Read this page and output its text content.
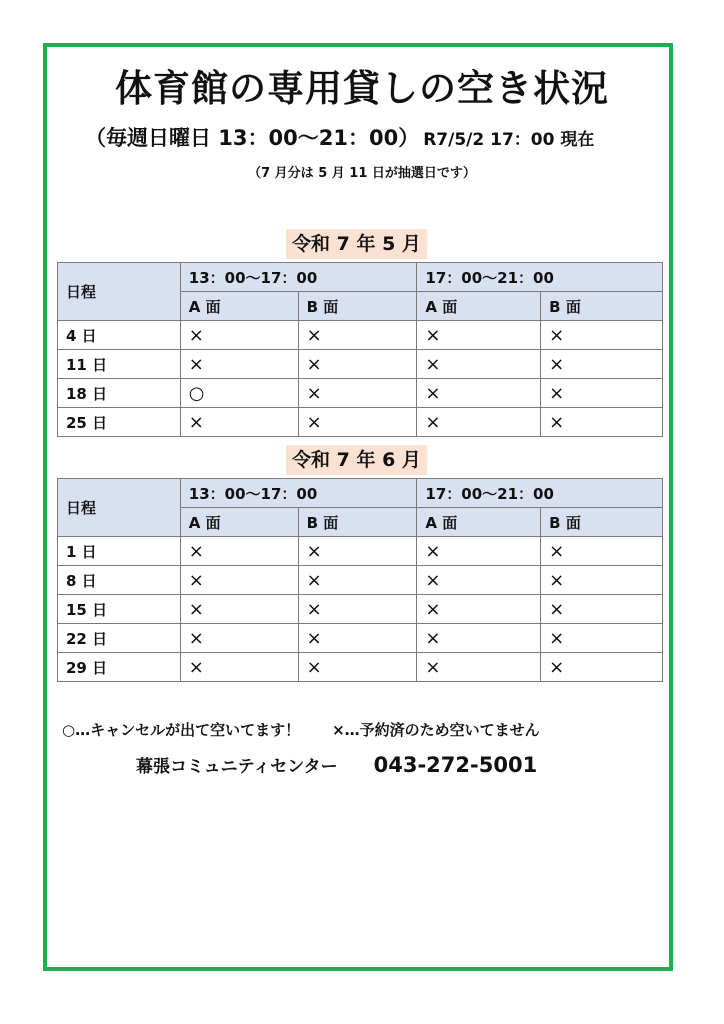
体育館の専用貸しの空き状況
（毎週日曜日 13：00～21：00） R7/5/2 17：00 現在
（7 月分は 5 月 11 日が抽選日です）
令和 7 年 5 月
日程	13：00～17：00		17：00～21：00	
	A 面	B 面	A 面	B 面
4 日	×	×	×	×
11 日	×	×	×	×
18 日	○	×	×	×
25 日	×	×	×	×
令和 7 年 6 月
日程	13：00～17：00		17：00～21：00	
	A 面	B 面	A 面	B 面
1 日	×	×	×	×
8 日	×	×	×	×
15 日	×	×	×	×
22 日	×	×	×	×
29 日	×	×	×	×
○…キャンセルが出て空いてます！ ×…予約済のため空いてません
幕張コミュニティセンター 043-272-5001
